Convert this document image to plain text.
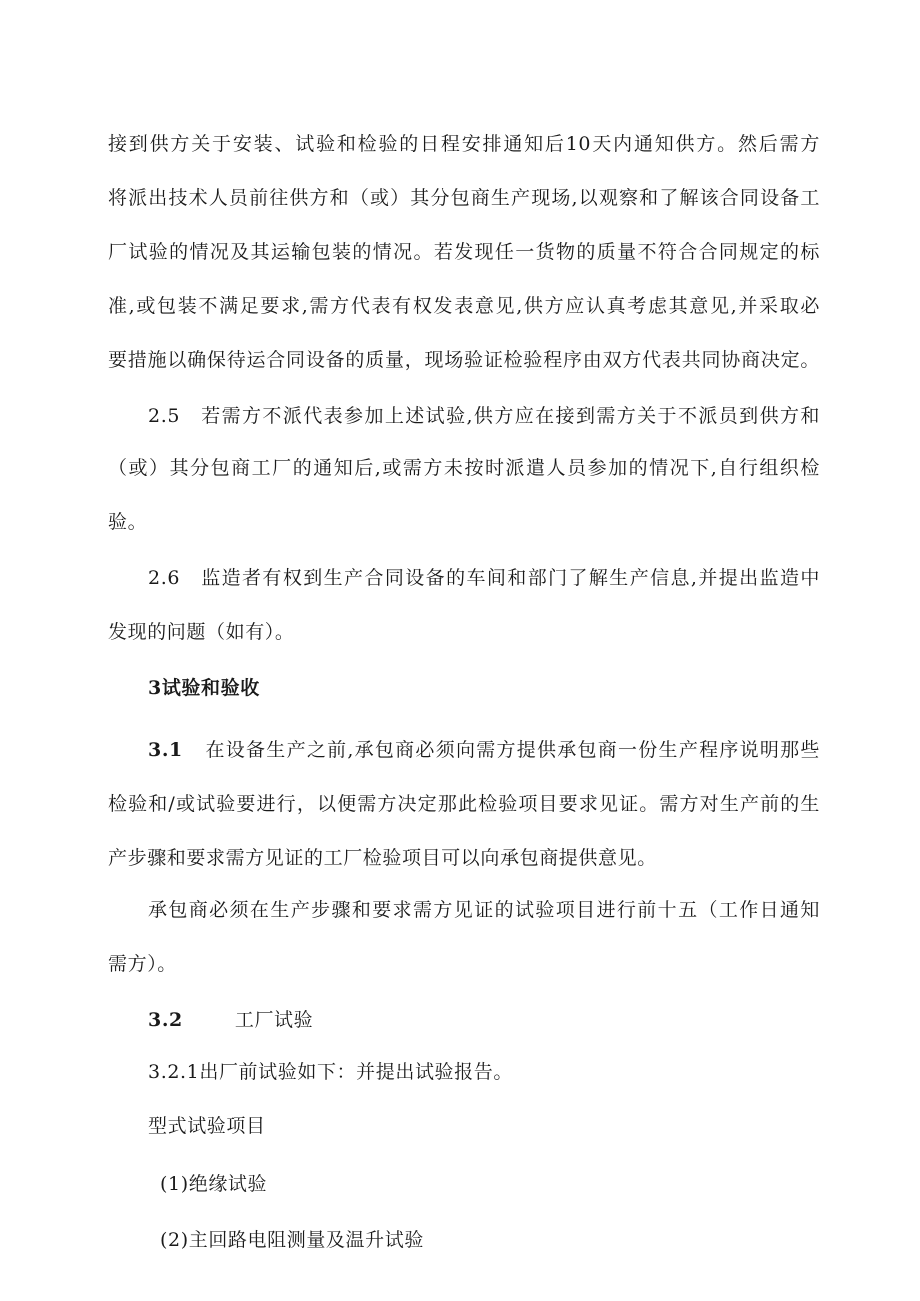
接到供方关于安装、试验和检验的日程安排通知后10天内通知供方。然后需方
将派出技术人员前往供方和（或）其分包商生产现场,以观察和了解该合同设备工
厂试验的情况及其运输包装的情况。若发现任一货物的质量不符合合同规定的标
准,或包装不满足要求,需方代表有权发表意见,供方应认真考虑其意见,并采取必
要措施以确保待运合同设备的质量，现场验证检验程序由双方代表共同协商决定。
2.5　若需方不派代表参加上述试验,供方应在接到需方关于不派员到供方和
（或）其分包商工厂的通知后,或需方未按时派遣人员参加的情况下,自行组织检
验。
2.6　监造者有权到生产合同设备的车间和部门了解生产信息,并提出监造中
发现的问题（如有）。
3试验和验收
3.1 在设备生产之前,承包商必须向需方提供承包商一份生产程序说明那些
检验和/或试验要进行，以便需方决定那此检验项目要求见证。需方对生产前的生
产步骤和要求需方见证的工厂检验项目可以向承包商提供意见。
承包商必须在生产步骤和要求需方见证的试验项目进行前十五（工作日通知
需方）。
3.2	工厂试验
3.2.1出厂前试验如下：并提出试验报告。
型式试验项目
(1)绝缘试验
(2)主回路电阻测量及温升试验
